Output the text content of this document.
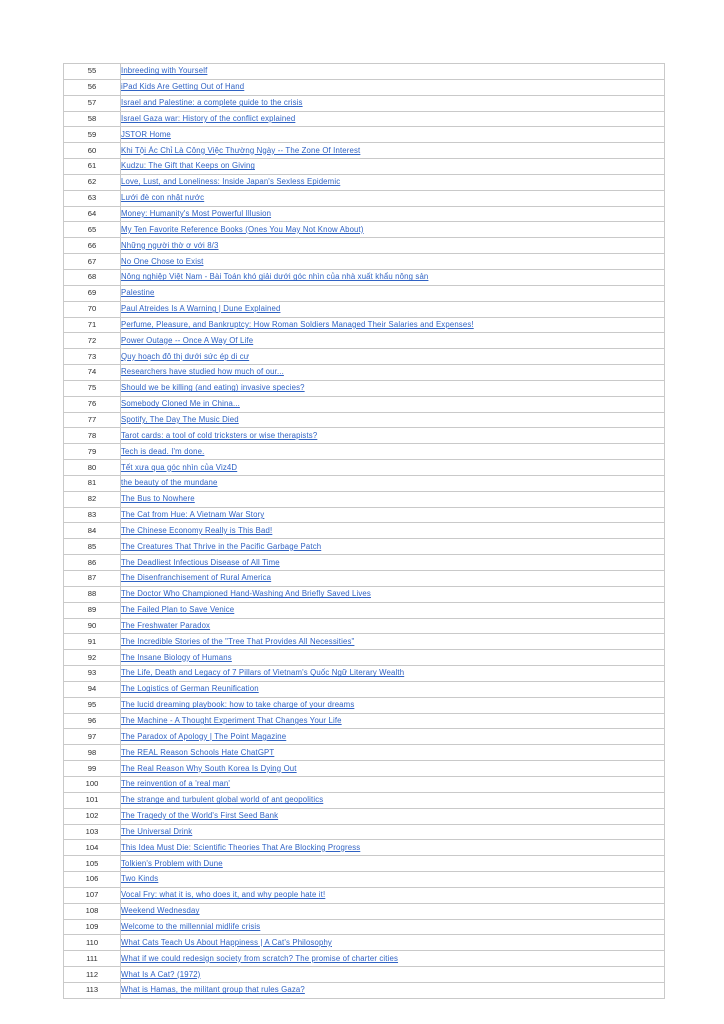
55	Inbreeding with Yourself

56	iPad Kids Are Getting Out of Hand

57	Israel and Palestine: a complete guide to the crisis

58	Israel Gaza war: History of the conflict explained

59	JSTOR Home

60	Khi Tội Ác Chỉ Là Công Việc Thường Ngày -- The Zone Of Interest

61	Kudzu: The Gift that Keeps on Giving

62	Love, Lust, and Loneliness: Inside Japan's Sexless Epidemic

63	Lưới đè con nhật nước

64	Money: Humanity's Most Powerful Illusion

65	My Ten Favorite Reference Books (Ones You May Not Know About)

66	Những người thờ ơ với 8/3

67	No One Chose to Exist

68	Nông nghiệp Việt Nam - Bài Toán khó giải dưới góc nhìn của nhà xuất khẩu nông sản

69	Palestine

70	Paul Atreides Is A Warning | Dune Explained

71	Perfume, Pleasure, and Bankruptcy: How Roman Soldiers Managed Their Salaries and Expenses!

72	Power Outage -- Once A Way Of Life

73	Quy hoạch đô thị dưới sức ép di cư

74	Researchers have studied how much of our...

75	Should we be killing (and eating) invasive species?

76	Somebody Cloned Me in China...

77	Spotify, The Day The Music Died

78	Tarot cards: a tool of cold tricksters or wise therapists?

79	Tech is dead. I'm done.

80	Tết xưa qua góc nhìn của Viz4D

81	the beauty of the mundane

82	The Bus to Nowhere

83	The Cat from Hue: A Vietnam War Story

84	The Chinese Economy Really is This Bad!

85	The Creatures That Thrive in the Pacific Garbage Patch

86	The Deadliest Infectious Disease of All Time

87	The Disenfranchisement of Rural America

88	The Doctor Who Championed Hand-Washing And Briefly Saved Lives

89	The Failed Plan to Save Venice

90	The Freshwater Paradox

91	The Incredible Stories of the "Tree That Provides All Necessities"

92	The Insane Biology of Humans

93	The Life, Death and Legacy of 7 Pillars of Vietnam's Quốc Ngữ Literary Wealth

94	The Logistics of German Reunification

95	The lucid dreaming playbook: how to take charge of your dreams

96	The Machine - A Thought Experiment That Changes Your Life

97	The Paradox of Apology | The Point Magazine

98	The REAL Reason Schools Hate ChatGPT

99	The Real Reason Why South Korea Is Dying Out

100	The reinvention of a 'real man'

101	The strange and turbulent global world of ant geopolitics

102	The Tragedy of the World's First Seed Bank

103	The Universal Drink

104	This Idea Must Die: Scientific Theories That Are Blocking Progress

105	Tolkien's Problem with Dune

106	Two Kinds

107	Vocal Fry: what it is, who does it, and why people hate it!

108	Weekend Wednesday

109	Welcome to the millennial midlife crisis

110	What Cats Teach Us About Happiness | A Cat's Philosophy

111	What if we could redesign society from scratch? The promise of charter cities

112	What Is A Cat? (1972)

113	What is Hamas, the militant group that rules Gaza?
